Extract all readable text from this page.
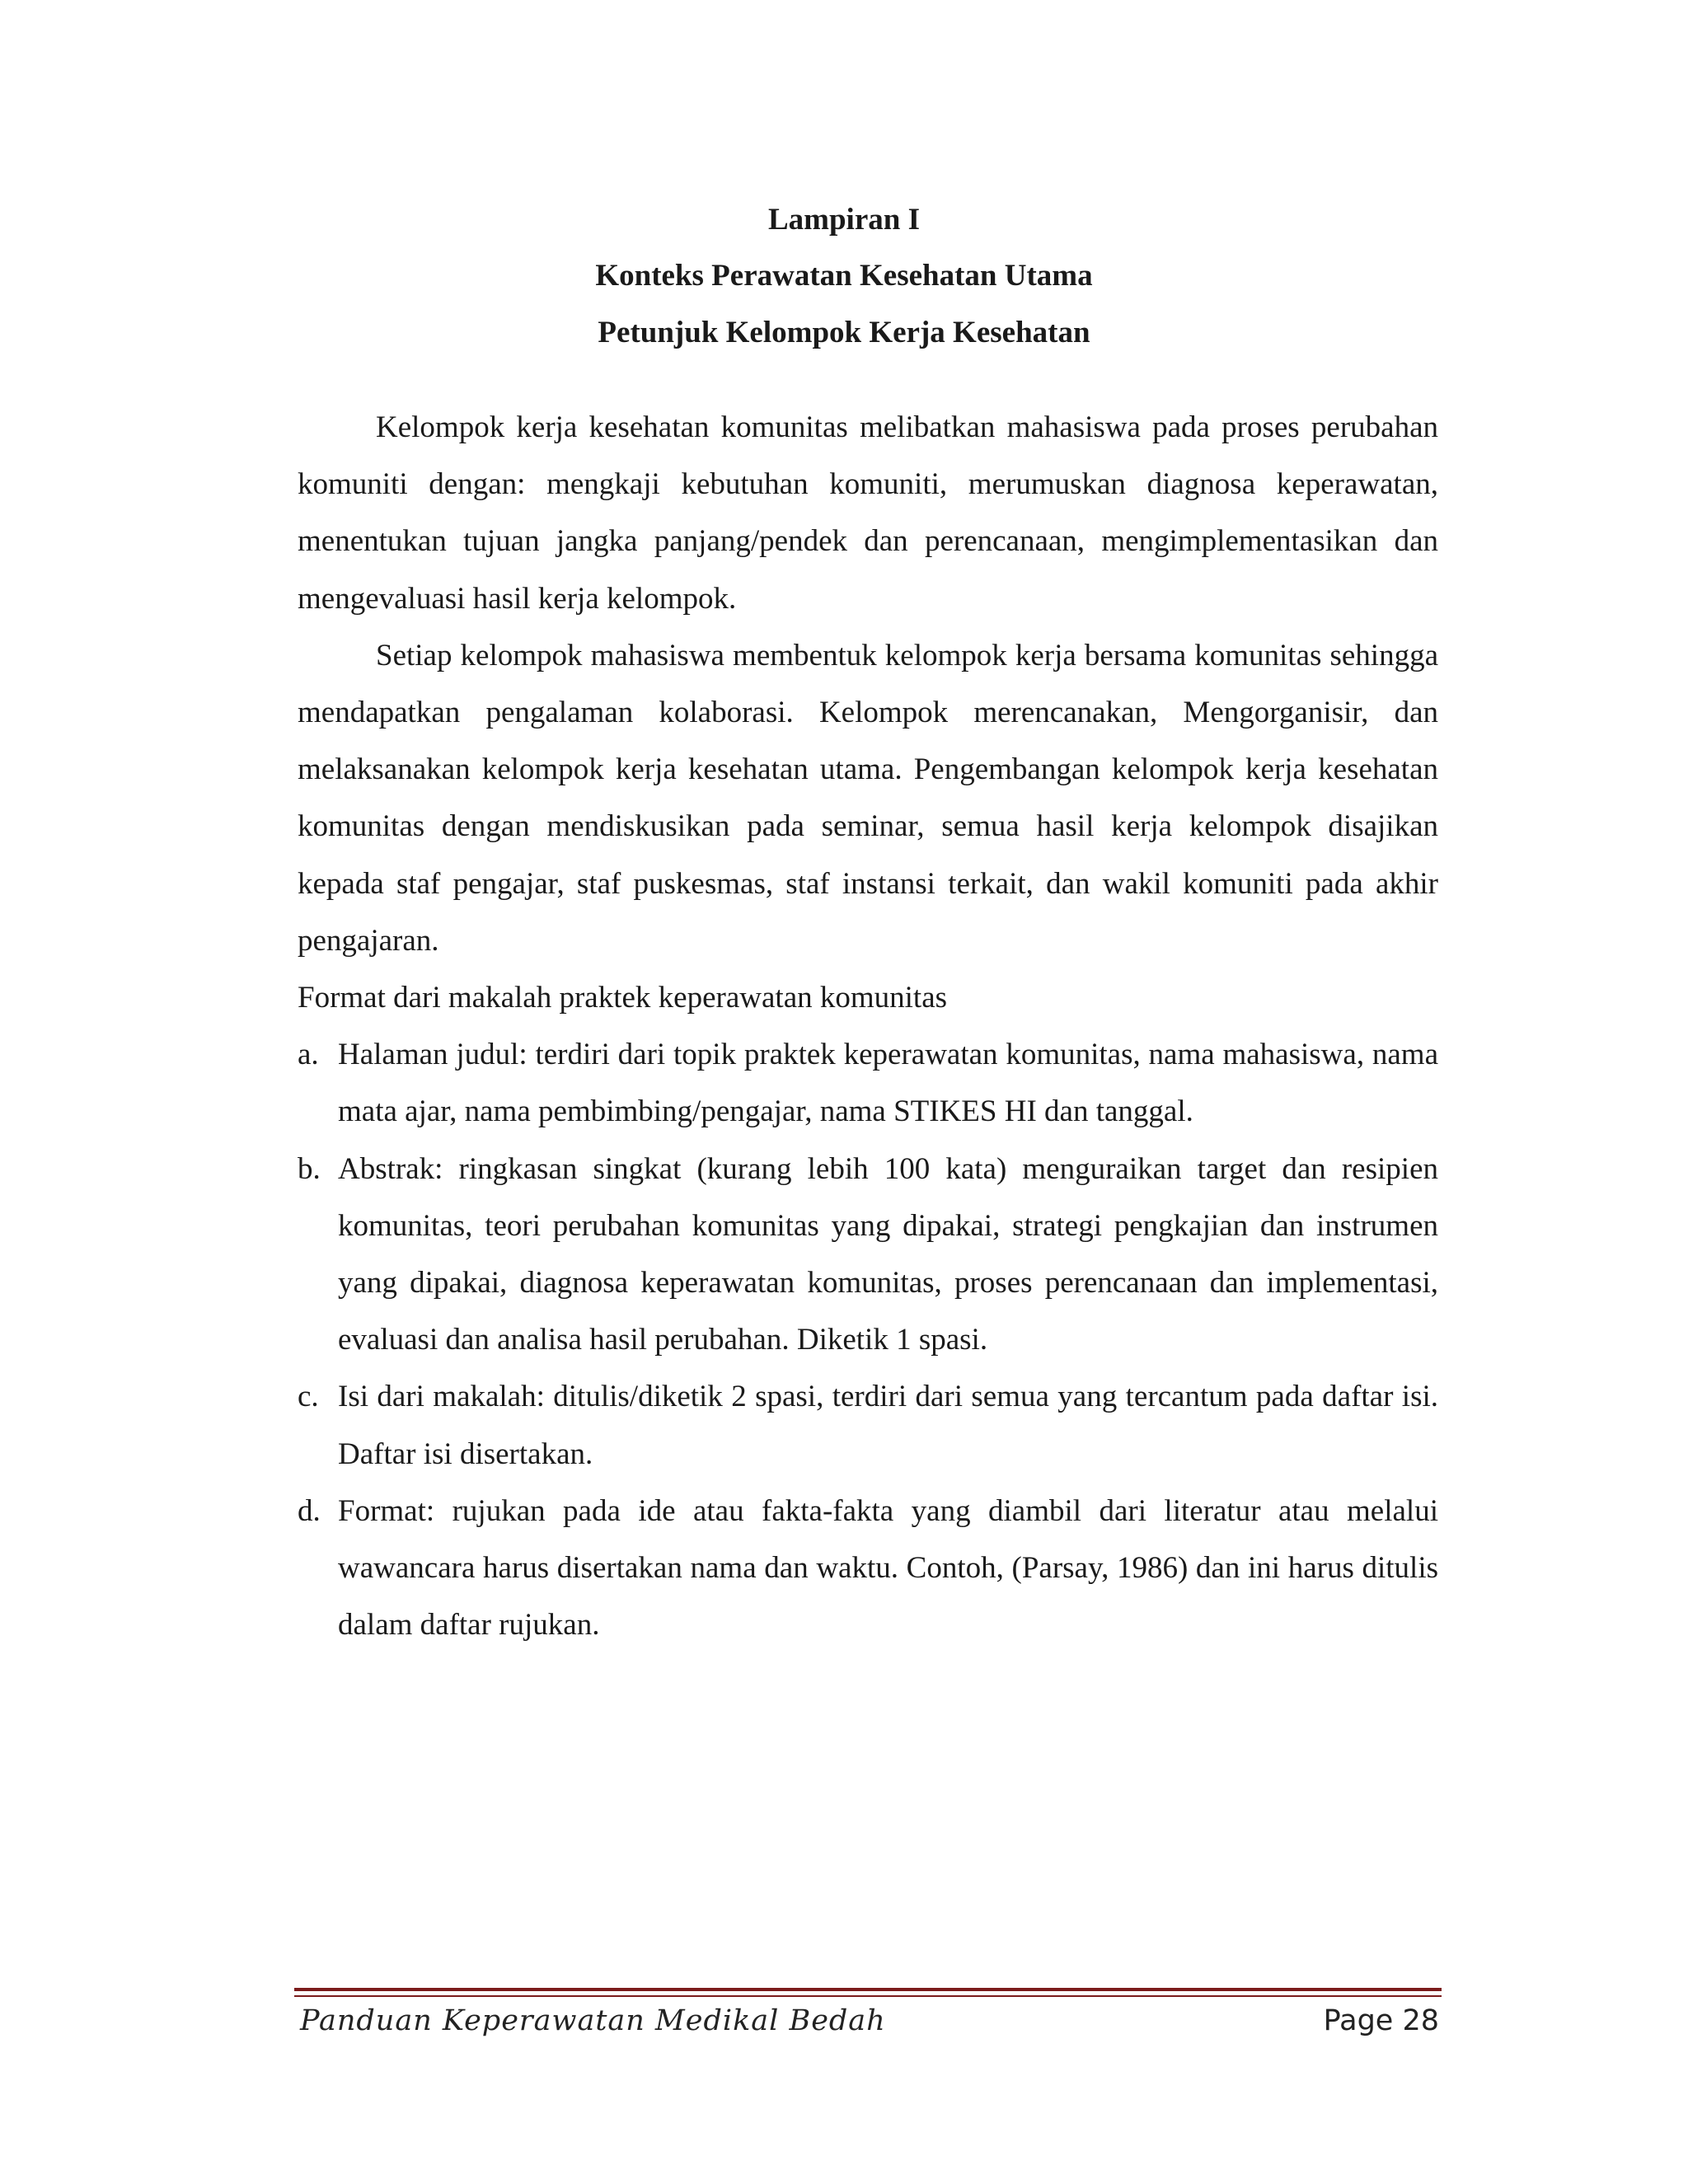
Lampiran I
Konteks Perawatan Kesehatan Utama
Petunjuk Kelompok Kerja Kesehatan

Kelompok kerja kesehatan komunitas melibatkan mahasiswa pada proses perubahan komuniti dengan: mengkaji kebutuhan komuniti, merumuskan diagnosa keperawatan, menentukan tujuan jangka panjang/pendek dan perencanaan, mengimplementasikan dan mengevaluasi hasil kerja kelompok.

Setiap kelompok mahasiswa membentuk kelompok kerja bersama komunitas sehingga mendapatkan pengalaman kolaborasi. Kelompok merencanakan, Mengorganisir, dan melaksanakan kelompok kerja kesehatan utama. Pengembangan kelompok kerja kesehatan komunitas dengan mendiskusikan pada seminar, semua hasil kerja kelompok disajikan kepada staf pengajar, staf puskesmas, staf instansi terkait, dan wakil komuniti pada akhir pengajaran.

Format dari makalah praktek keperawatan komunitas

a. Halaman judul: terdiri dari topik praktek keperawatan komunitas, nama mahasiswa, nama mata ajar, nama pembimbing/pengajar, nama STIKES HI dan tanggal.
b. Abstrak: ringkasan singkat (kurang lebih 100 kata) menguraikan target dan resipien komunitas, teori perubahan komunitas yang dipakai, strategi pengkajian dan instrumen yang dipakai, diagnosa keperawatan komunitas, proses perencanaan dan implementasi, evaluasi dan analisa hasil perubahan. Diketik 1 spasi.
c. Isi dari makalah: ditulis/diketik 2 spasi, terdiri dari semua yang tercantum pada daftar isi. Daftar isi disertakan.
d. Format: rujukan pada ide atau fakta-fakta yang diambil dari literatur atau melalui wawancara harus disertakan nama dan waktu. Contoh, (Parsay, 1986) dan ini harus ditulis dalam daftar rujukan.
Panduan Keperawatan Medikal Bedah	Page 28
